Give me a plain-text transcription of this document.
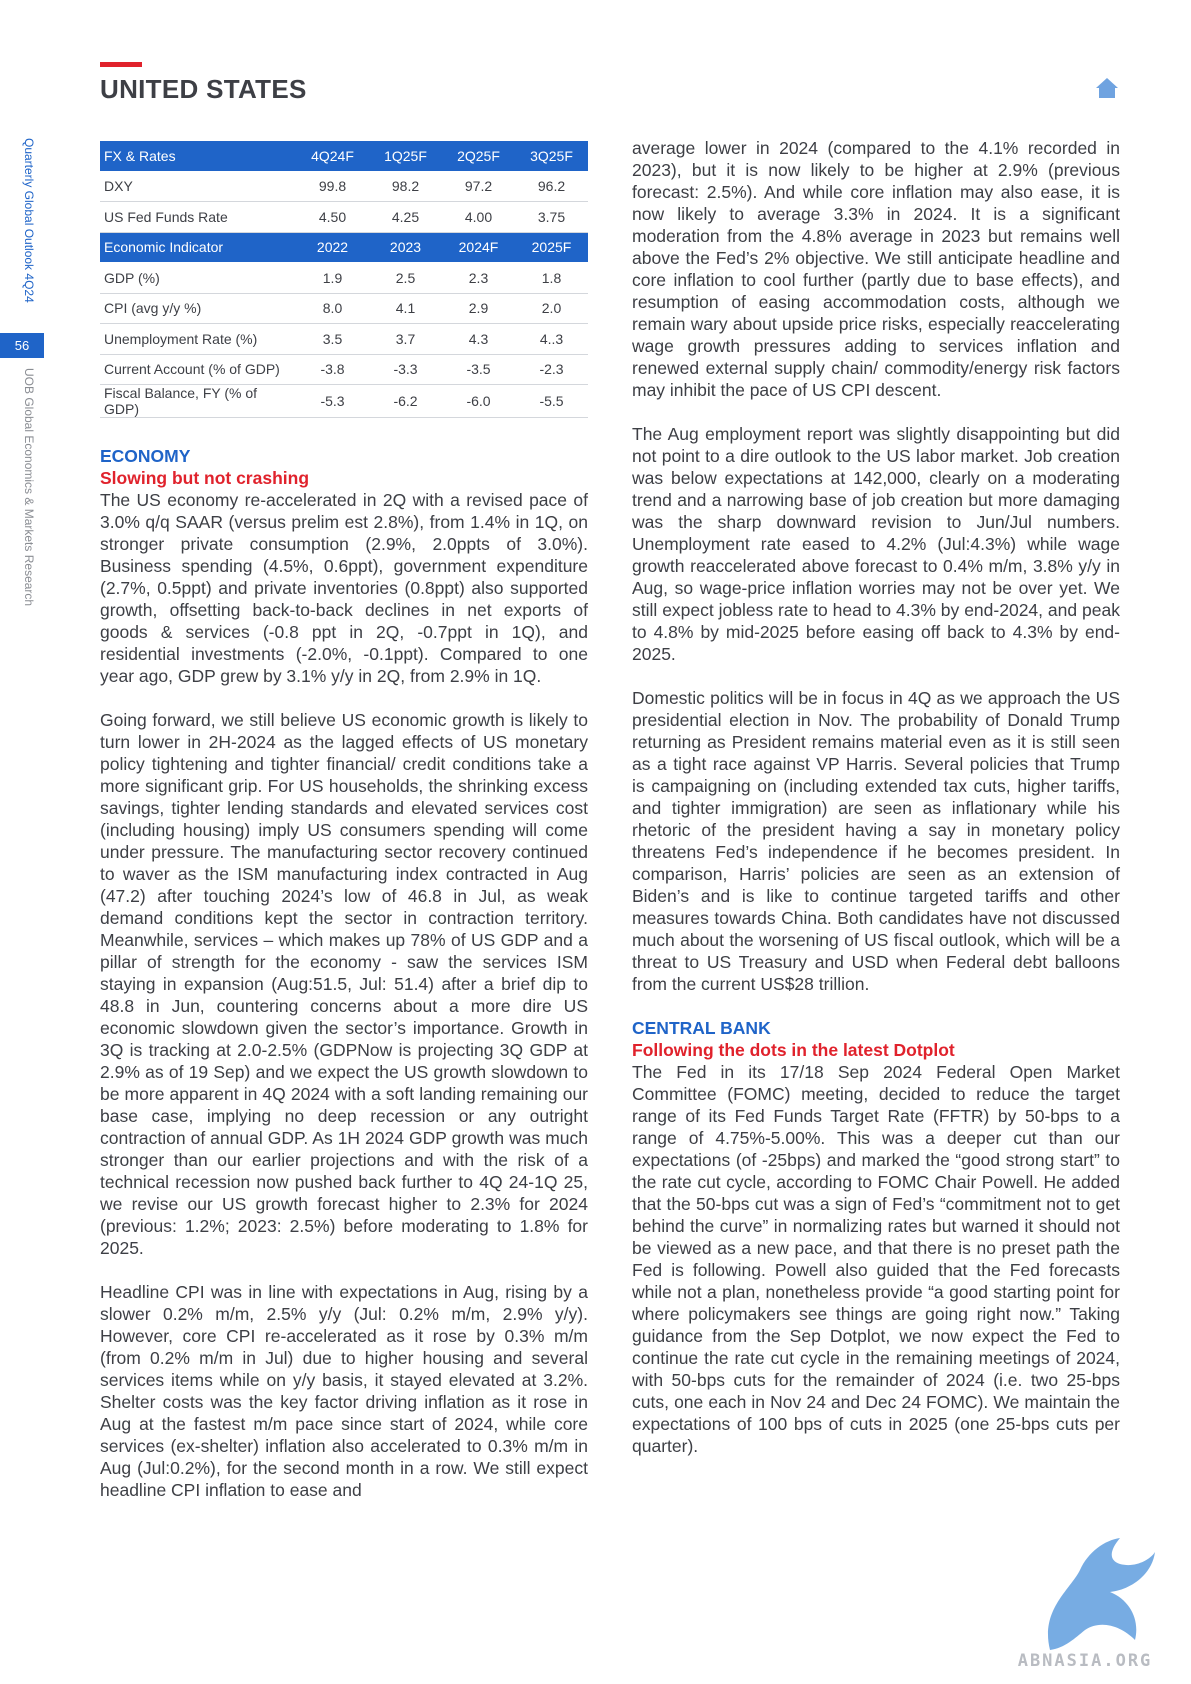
UNITED STATES
Quarterly Global Outlook 4Q24
56
UOB Global Economics & Markets Research
FX & Rates	4Q24F	1Q25F	2Q25F	3Q25F
DXY	99.8	98.2	97.2	96.2
US Fed Funds Rate	4.50	4.25	4.00	3.75
Economic Indicator	2022	2023	2024F	2025F
GDP (%)	1.9	2.5	2.3	1.8
CPI (avg y/y %)	8.0	4.1	2.9	2.0
Unemployment Rate (%)	3.5	3.7	4.3	4..3
Current Account (% of GDP)	-3.8	-3.3	-3.5	-2.3
Fiscal Balance, FY (% of GDP)	-5.3	-6.2	-6.0	-5.5
ECONOMY
Slowing but not crashing

The US economy re-accelerated in 2Q with a revised pace of 3.0% q/q SAAR (versus prelim est 2.8%), from 1.4% in 1Q, on stronger private consumption (2.9%, 2.0ppts of 3.0%). Business spending (4.5%, 0.6ppt), government expenditure (2.7%, 0.5ppt) and private inventories (0.8ppt) also supported growth, offsetting back-to-back declines in net exports of goods & services (-0.8 ppt in 2Q, -0.7ppt in 1Q), and residential investments (-2.0%, -0.1ppt). Compared to one year ago, GDP grew by 3.1% y/y in 2Q, from 2.9% in 1Q.

Going forward, we still believe US economic growth is likely to turn lower in 2H-2024 as the lagged effects of US monetary policy tightening and tighter financial/ credit conditions take a more significant grip. For US households, the shrinking excess savings, tighter lending standards and elevated services cost (including housing) imply US consumers spending will come under pressure. The manufacturing sector recovery continued to waver as the ISM manufacturing index contracted in Aug (47.2) after touching 2024’s low of 46.8 in Jul, as weak demand conditions kept the sector in contraction territory. Meanwhile, services – which makes up 78% of US GDP and a pillar of strength for the economy - saw the services ISM staying in expansion (Aug:51.5, Jul: 51.4) after a brief dip to 48.8 in Jun, countering concerns about a more dire US economic slowdown given the sector’s importance. Growth in 3Q is tracking at 2.0-2.5% (GDPNow is projecting 3Q GDP at 2.9% as of 19 Sep) and we expect the US growth slowdown to be more apparent in 4Q 2024 with a soft landing remaining our base case, implying no deep recession or any outright contraction of annual GDP. As 1H 2024 GDP growth was much stronger than our earlier projections and with the risk of a technical recession now pushed back further to 4Q 24-1Q 25, we revise our US growth forecast higher to 2.3% for 2024 (previous: 1.2%; 2023: 2.5%) before moderating to 1.8% for 2025.

Headline CPI was in line with expectations in Aug, rising by a slower 0.2% m/m, 2.5% y/y (Jul: 0.2% m/m, 2.9% y/y). However, core CPI re-accelerated as it rose by 0.3% m/m (from 0.2% m/m in Jul) due to higher housing and several services items while on y/y basis, it stayed elevated at 3.2%. Shelter costs was the key factor driving inflation as it rose in Aug at the fastest m/m pace since start of 2024, while core services (ex-shelter) inflation also accelerated to 0.3% m/m in Aug (Jul:0.2%), for the second month in a row. We still expect headline CPI inflation to ease and

average lower in 2024 (compared to the 4.1% recorded in 2023), but it is now likely to be higher at 2.9% (previous forecast: 2.5%). And while core inflation may also ease, it is now likely to average 3.3% in 2024. It is a significant moderation from the 4.8% average in 2023 but remains well above the Fed’s 2% objective. We still anticipate headline and core inflation to cool further (partly due to base effects), and resumption of easing accommodation costs, although we remain wary about upside price risks, especially reaccelerating wage growth pressures adding to services inflation and renewed external supply chain/ commodity/energy risk factors may inhibit the pace of US CPI descent.

The Aug employment report was slightly disappointing but did not point to a dire outlook to the US labor market. Job creation was below expectations at 142,000, clearly on a moderating trend and a narrowing base of job creation but more damaging was the sharp downward revision to Jun/Jul numbers. Unemployment rate eased to 4.2% (Jul:4.3%) while wage growth reaccelerated above forecast to 0.4% m/m, 3.8% y/y in Aug, so wage-price inflation worries may not be over yet. We still expect jobless rate to head to 4.3% by end-2024, and peak to 4.8% by mid-2025 before easing off back to 4.3% by end-2025.

Domestic politics will be in focus in 4Q as we approach the US presidential election in Nov. The probability of Donald Trump returning as President remains material even as it is still seen as a tight race against VP Harris. Several policies that Trump is campaigning on (including extended tax cuts, higher tariffs, and tighter immigration) are seen as inflationary while his rhetoric of the president having a say in monetary policy threatens Fed’s independence if he becomes president. In comparison, Harris’ policies are seen as an extension of Biden’s and is like to continue targeted tariffs and other measures towards China. Both candidates have not discussed much about the worsening of US fiscal outlook, which will be a threat to US Treasury and USD when Federal debt balloons from the current US$28 trillion.

CENTRAL BANK
Following the dots in the latest Dotplot

The Fed in its 17/18 Sep 2024 Federal Open Market Committee (FOMC) meeting, decided to reduce the target range of its Fed Funds Target Rate (FFTR) by 50-bps to a range of 4.75%-5.00%. This was a deeper cut than our expectations (of -25bps) and marked the “good strong start” to the rate cut cycle, according to FOMC Chair Powell. He added that the 50-bps cut was a sign of Fed’s “commitment not to get behind the curve” in normalizing rates but warned it should not be viewed as a new pace, and that there is no preset path the Fed is following. Powell also guided that the Fed forecasts while not a plan, nonetheless provide “a good starting point for where policymakers see things are going right now.” Taking guidance from the Sep Dotplot, we now expect the Fed to continue the rate cut cycle in the remaining meetings of 2024, with 50-bps cuts for the remainder of 2024 (i.e. two 25-bps cuts, one each in Nov 24 and Dec 24 FOMC). We maintain the expectations of 100 bps of cuts in 2025 (one 25-bps cuts per quarter).

ABNASIA.ORG
